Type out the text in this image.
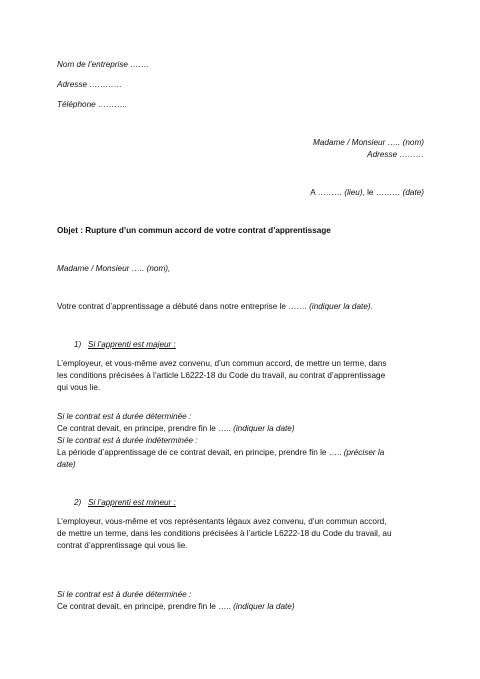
Nom de l’entreprise …….
Adresse …………
Téléphone ………..
Madame / Monsieur ….. (nom)
Adresse ………
A ……… (lieu), le ……… (date)
Objet : Rupture d’un commun accord de votre contrat d’apprentissage
Madame / Monsieur ….. (nom),
Votre contrat d’apprentissage a débuté dans notre entreprise le ……. (indiquer la date).
1) Si l’apprenti est majeur :
L’employeur, et vous-même avez convenu, d’un commun accord, de mettre un terme, dans
les conditions précisées à l’article L6222-18 du Code du travail, au contrat d’apprentissage
qui vous lie.
Si le contrat est à durée déterminée :
Ce contrat devait, en principe, prendre fin le ….. (indiquer la date)
Si le contrat est à durée indéterminée :
La période d’apprentissage de ce contrat devait, en principe, prendre fin le ….. (préciser la
date)
2) Si l’apprenti est mineur :
L’employeur, vous-même et vos représentants légaux avez convenu, d’un commun accord,
de mettre un terme, dans les conditions précisées à l’article L6222-18 du Code du travail, au
contrat d’apprentissage qui vous lie.
Si le contrat est à durée déterminée :
Ce contrat devait, en principe, prendre fin le ….. (indiquer la date)
